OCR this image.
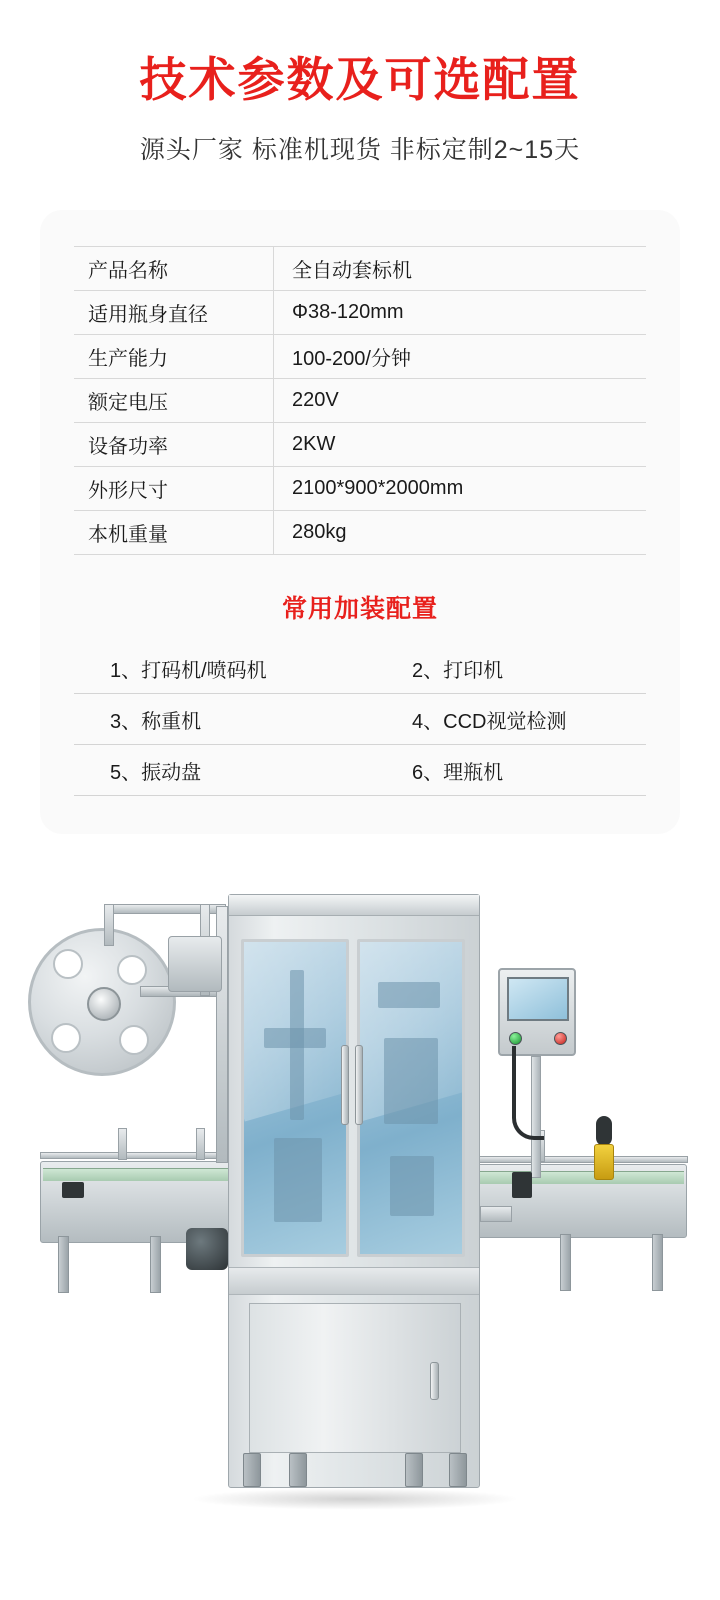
技术参数及可选配置
源头厂家 标准机现货 非标定制2~15天
产品名称	全自动套标机
适用瓶身直径	Φ38-120mm
生产能力	100-200/分钟
额定电压	220V
设备功率	2KW
外形尺寸	2100*900*2000mm
本机重量	280kg
常用加装配置
1、打码机/喷码机	2、打印机
3、称重机	4、CCD视觉检测
5、振动盘	6、理瓶机
